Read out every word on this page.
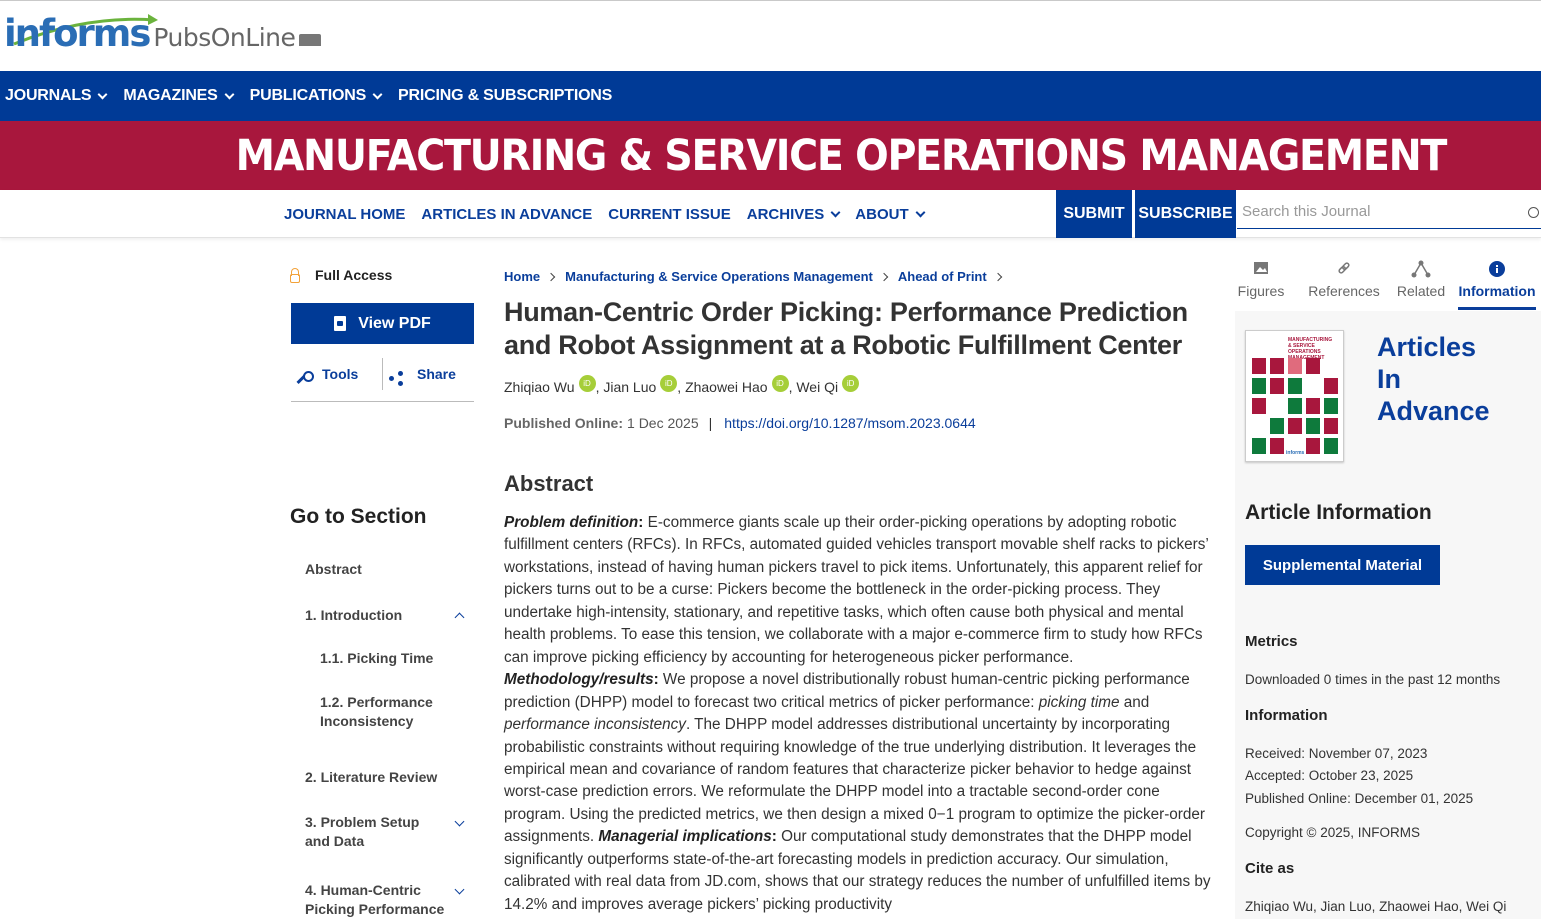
informs PubsOnLine
JOURNALS MAGAZINES PUBLICATIONS PRICING & SUBSCRIPTIONS
MANUFACTURING & SERVICE OPERATIONS MANAGEMENT
JOURNAL HOME ARTICLES IN ADVANCE CURRENT ISSUE ARCHIVES ABOUT	SUBMIT SUBSCRIBE
Search this Journal
Full Access
View PDF
Tools	Share
Go to Section
Abstract
1. Introduction
1.1. Picking Time
1.2. Performance Inconsistency
2. Literature Review
3. Problem Setup and Data
4. Human-Centric Picking Performance
Home Manufacturing & Service Operations Management Ahead of Print
Human-Centric Order Picking: Performance Prediction and Robot Assignment at a Robotic Fulfillment Center
Zhiqiao Wu	iD , Jian Luo	iD , Zhaowei Hao	iD , Wei Qi	iD
Published Online: 1 Dec 2025 | https://doi.org/10.1287/msom.2023.0644
Abstract
Problem definition: E-commerce giants scale up their order-picking operations by adopting robotic fulfillment centers (RFCs). In RFCs, automated guided vehicles transport movable shelf racks to pickers’ workstations, instead of having human pickers travel to pick items. Unfortunately, this apparent relief for pickers turns out to be a curse: Pickers become the bottleneck in the order-picking process. They undertake high-intensity, stationary, and repetitive tasks, which often cause both physical and mental health problems. To ease this tension, we collaborate with a major e-commerce firm to study how RFCs can improve picking efficiency by accounting for heterogeneous picker performance. Methodology/results: We propose a novel distributionally robust human-centric picking performance prediction (DHPP) model to forecast two critical metrics of picker performance: picking time and performance inconsistency. The DHPP model addresses distributional uncertainty by incorporating probabilistic constraints without requiring knowledge of the true underlying distribution. It leverages the empirical mean and covariance of random features that characterize picker behavior to hedge against worst-case prediction errors. We reformulate the DHPP model into a tractable second-order cone program. Using the predicted metrics, we then design a mixed 0−1 program to optimize the picker-order assignments. Managerial implications: Our computational study demonstrates that the DHPP model significantly outperforms state-of-the-art forecasting models in prediction accuracy. Our simulation, calibrated with real data from JD.com, shows that our strategy reduces the number of unfulfilled items by 14.2% and improves average pickers’ picking productivity
Figures	References	Related Information
MANUFACTURING & SERVICE OPERATIONS
informs
Articles In Advance
Article Information
Supplemental Material
Metrics
Downloaded 0 times in the past 12 months
Information
Received: November 07, 2023
Accepted: October 23, 2025
Published Online: December 01, 2025
Copyright © 2025, INFORMS
Cite as
Zhiqiao Wu, Jian Luo, Zhaowei Hao, Wei Qi
